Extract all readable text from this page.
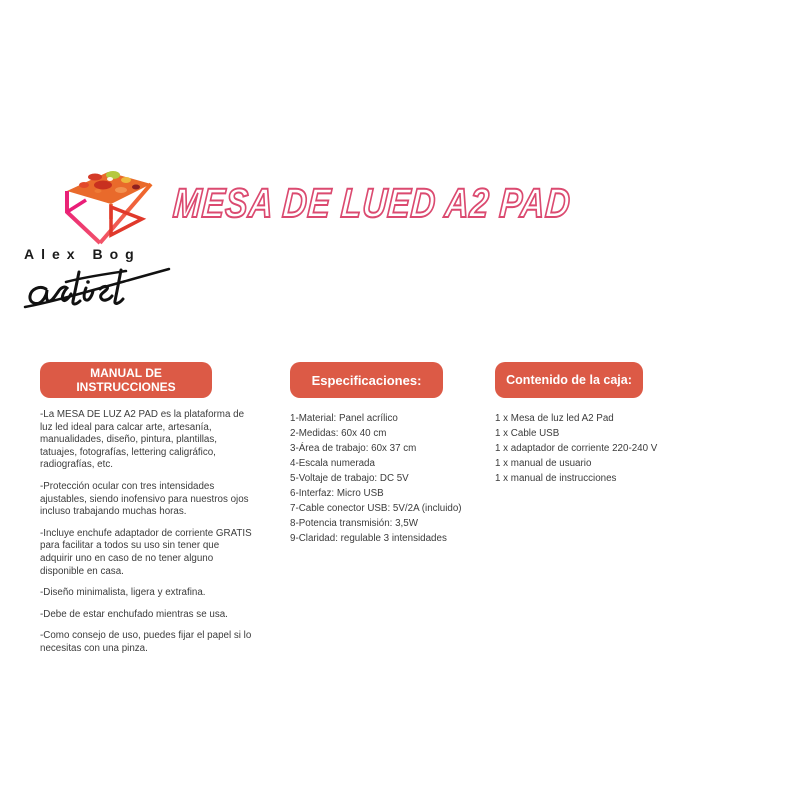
Alex Bog
MESA DE LUED A2 PAD
MANUAL DE INSTRUCCIONES
-La MESA DE LUZ A2 PAD es la plataforma de luz led ideal para calcar arte, artesanía, manualidades, diseño, pintura, plantillas, tatuajes, fotografías, lettering caligráfico, radiografías, etc.
-Protección ocular con tres intensidades ajustables, siendo inofensivo para nuestros ojos incluso trabajando muchas horas.
-Incluye enchufe adaptador de corriente GRATIS para facilitar a todos su uso sin tener que adquirir uno en caso de no tener alguno disponible en casa.
-Diseño minimalista, ligera y extrafina.
-Debe de estar enchufado mientras se usa.
-Como consejo de uso, puedes fijar el papel si lo necesitas con una pinza.
Especificaciones:
1-Material: Panel acrílico
2-Medidas: 60x 40 cm
3-Área de trabajo: 60x 37 cm
4-Escala numerada
5-Voltaje de trabajo: DC 5V
6-Interfaz: Micro USB
7-Cable conector USB: 5V/2A (incluido)
8-Potencia transmisión: 3,5W
9-Claridad: regulable 3 intensidades
Contenido de la caja:
1 x Mesa de luz led A2 Pad
1 x Cable USB
1 x adaptador de corriente 220-240 V
1 x manual de usuario
1 x manual de instrucciones
